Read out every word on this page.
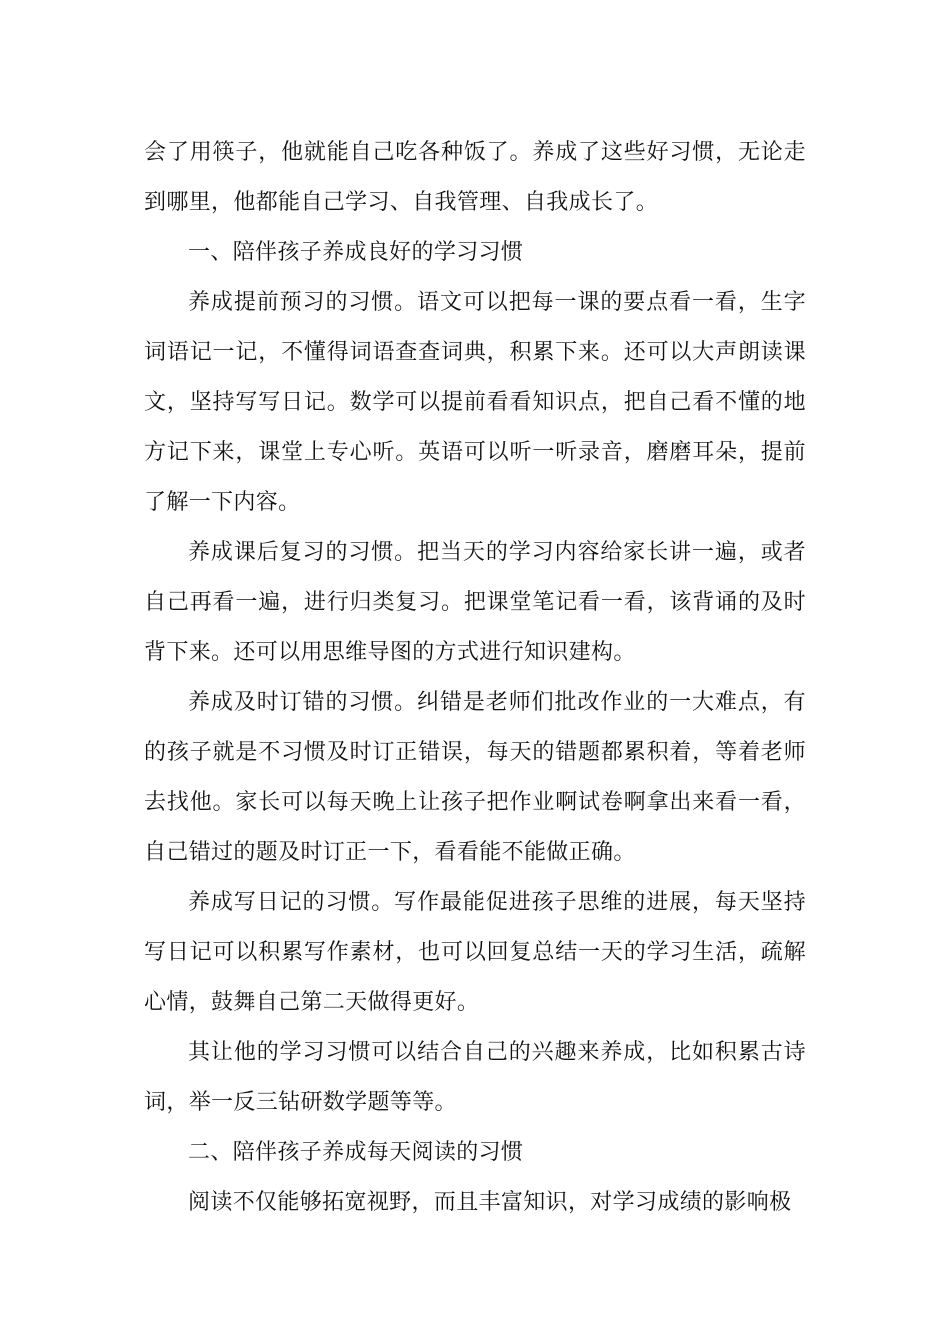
会了用筷子，他就能自己吃各种饭了。养成了这些好习惯，无论走到哪里，他都能自己学习、自我管理、自我成长了。

一、陪伴孩子养成良好的学习习惯

养成提前预习的习惯。语文可以把每一课的要点看一看，生字词语记一记，不懂得词语查查词典，积累下来。还可以大声朗读课文，坚持写写日记。数学可以提前看看知识点，把自己看不懂的地方记下来，课堂上专心听。英语可以听一听录音，磨磨耳朵，提前了解一下内容。

养成课后复习的习惯。把当天的学习内容给家长讲一遍，或者自己再看一遍，进行归类复习。把课堂笔记看一看，该背诵的及时背下来。还可以用思维导图的方式进行知识建构。

养成及时订错的习惯。纠错是老师们批改作业的一大难点，有的孩子就是不习惯及时订正错误，每天的错题都累积着，等着老师去找他。家长可以每天晚上让孩子把作业啊试卷啊拿出来看一看，自己错过的题及时订正一下，看看能不能做正确。

养成写日记的习惯。写作最能促进孩子思维的进展，每天坚持写日记可以积累写作素材，也可以回复总结一天的学习生活，疏解心情，鼓舞自己第二天做得更好。

其让他的学习习惯可以结合自己的兴趣来养成，比如积累古诗词，举一反三钻研数学题等等。

二、陪伴孩子养成每天阅读的习惯

阅读不仅能够拓宽视野，而且丰富知识，对学习成绩的影响极
